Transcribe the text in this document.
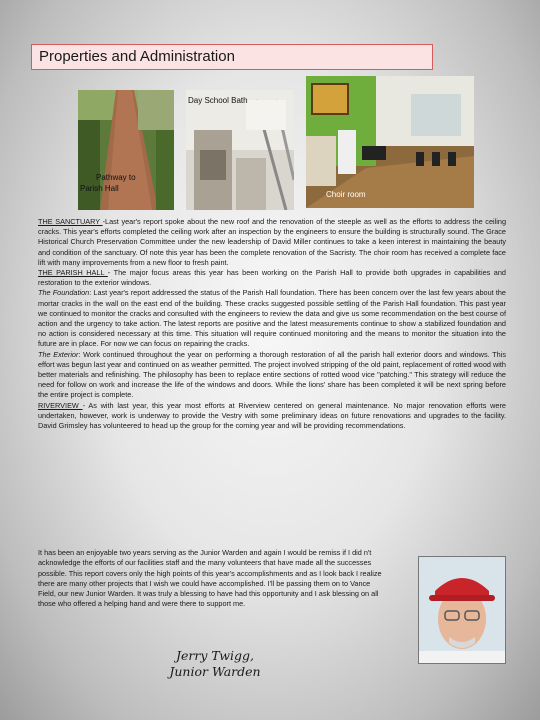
Properties and Administration
Pathway to
Parish Hall
Day School Bath
Choir room

THE SANCTUARY -Last year's report spoke about the new roof and the renovation of the steeple as well as the efforts to address the ceiling cracks. This year's efforts completed the ceiling work after an inspection by the engineers to ensure the building is structurally sound. The Grace Historical Church Preservation Committee under the new leadership of David Miller continues to take a keen interest in maintaining the beauty and condition of the sanctuary. Of note this year has been the complete renovation of the Sacristy. The choir room has received a complete face lift with many improvements from a new floor to fresh paint.

THE PARISH HALL - The major focus areas this year has been working on the Parish Hall to provide both upgrades in capabilities and restoration to the exterior windows.

The Foundation: Last year's report addressed the status of the Parish Hall foundation. There has been concern over the last few years about the mortar cracks in the wall on the east end of the building. These cracks suggested possible settling of the Parish Hall foundation. This past year we continued to monitor the cracks and consulted with the engineers to review the data and give us some recommendation on the best course of action and the urgency to take action. The latest reports are positive and the latest measurements continue to show a stabilized foundation and no action is considered necessary at this time. This situation will require continued monitoring and the means to monitor the situation into the future are in place. For now we can focus on repairing the cracks.

The Exterior: Work continued throughout the year on performing a thorough restoration of all the parish hall exterior doors and windows. This effort was begun last year and continued on as weather permitted. The project involved stripping of the old paint, replacement of rotted wood with better materials and refinishing. The philosophy has been to replace entire sections of rotted wood vice "patching." This strategy will reduce the need for follow on work and increase the life of the windows and doors. While the lions' share has been completed it will be next spring before the entire project is complete.

RIVERVIEW - As with last year, this year most efforts at Riverview centered on general maintenance. No major renovation efforts were undertaken, however, work is underway to provide the Vestry with some preliminary ideas on future renovations and upgrades to the facility. David Grimsley has volunteered to head up the group for the coming year and will be providing recommendations.

It has been an enjoyable two years serving as the Junior Warden and again I would be remiss if I did n't acknowledge the efforts of our facilities staff and the many volunteers that have made all the successes possible. This report covers only the high points of this year's accomplishments and as I look back I realize there are many other projects that I wish we could have accomplished. I'll be passing them on to Vance Field, our new Junior Warden. It was truly a blessing to have had this opportunity and I ask blessing on all those who offered a helping hand and were there to support me.

Jerry Twigg,
Junior Warden
